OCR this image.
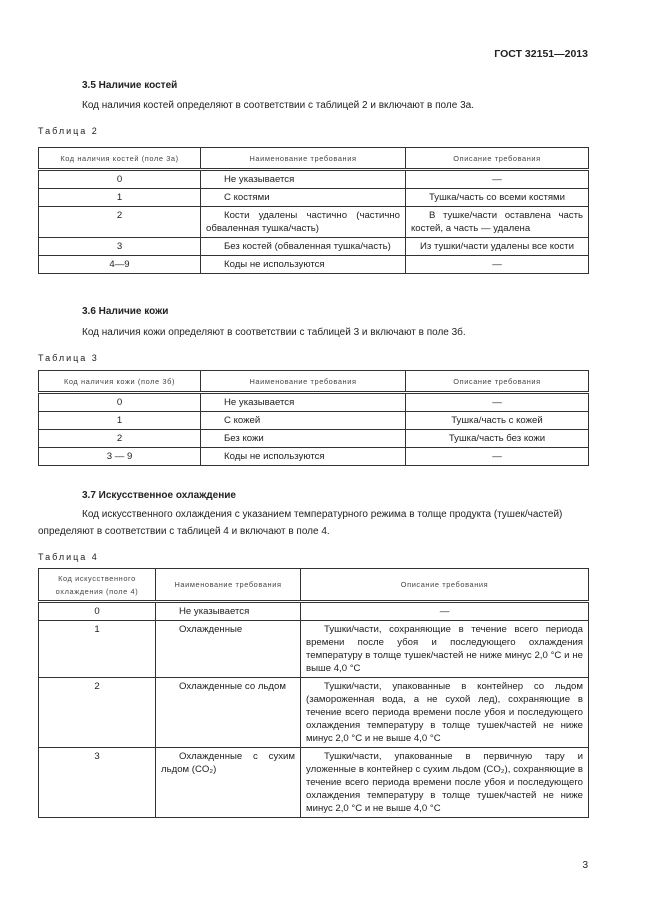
ГОСТ 32151—2013
3.5 Наличие костей
Код наличия костей определяют в соответствии с таблицей 2 и включают в поле 3а.
Таблица 2
Код наличия костей (поле 3а)	Наименование требования	Описание требования
0	Не указывается	—
1	С костями	Тушка/часть со всеми костями
2	Кости удалены частично (частично обваленная тушка/часть)	В тушке/части оставлена часть костей, а часть — удалена
3	Без костей (обваленная тушка/часть)	Из тушки/части удалены все кости
4—9	Коды не используются	—
3.6 Наличие кожи
Код наличия кожи определяют в соответствии с таблицей 3 и включают в поле 3б.
Таблица 3
Код наличия кожи (поле 3б)	Наименование требования	Описание требования
0	Не указывается	—
1	С кожей	Тушка/часть с кожей
2	Без кожи	Тушка/часть без кожи
3 — 9	Коды не используются	—
3.7 Искусственное охлаждение
Код искусственного охлаждения с указанием температурного режима в толще продукта (тушек/частей) определяют в соответствии с таблицей 4 и включают в поле 4.
Таблица 4
Код искусственного охлаждения (поле 4)	Наименование требования	Описание требования
0	Не указывается	—
1	Охлажденные	Тушки/части, сохраняющие в течение всего периода времени после убоя и последующего охлаждения температуру в толще тушек/частей не ниже минус 2,0 °С и не выше 4,0 °С
2	Охлажденные со льдом	Тушки/части, упакованные в контейнер со льдом (замороженная вода, а не сухой лед), сохраняющие в течение всего периода времени после убоя и последующего охлаждения температуру в толще тушек/частей не ниже минус 2,0 °С и не выше 4,0 °С
3	Охлажденные с сухим льдом (CO₂)	Тушки/части, упакованные в первичную тару и уложенные в контейнер с сухим льдом (CO₂), сохраняющие в течение всего периода времени после убоя и последующего охлаждения температуру в толще тушек/частей не ниже минус 2,0 °С и не выше 4,0 °С
3
